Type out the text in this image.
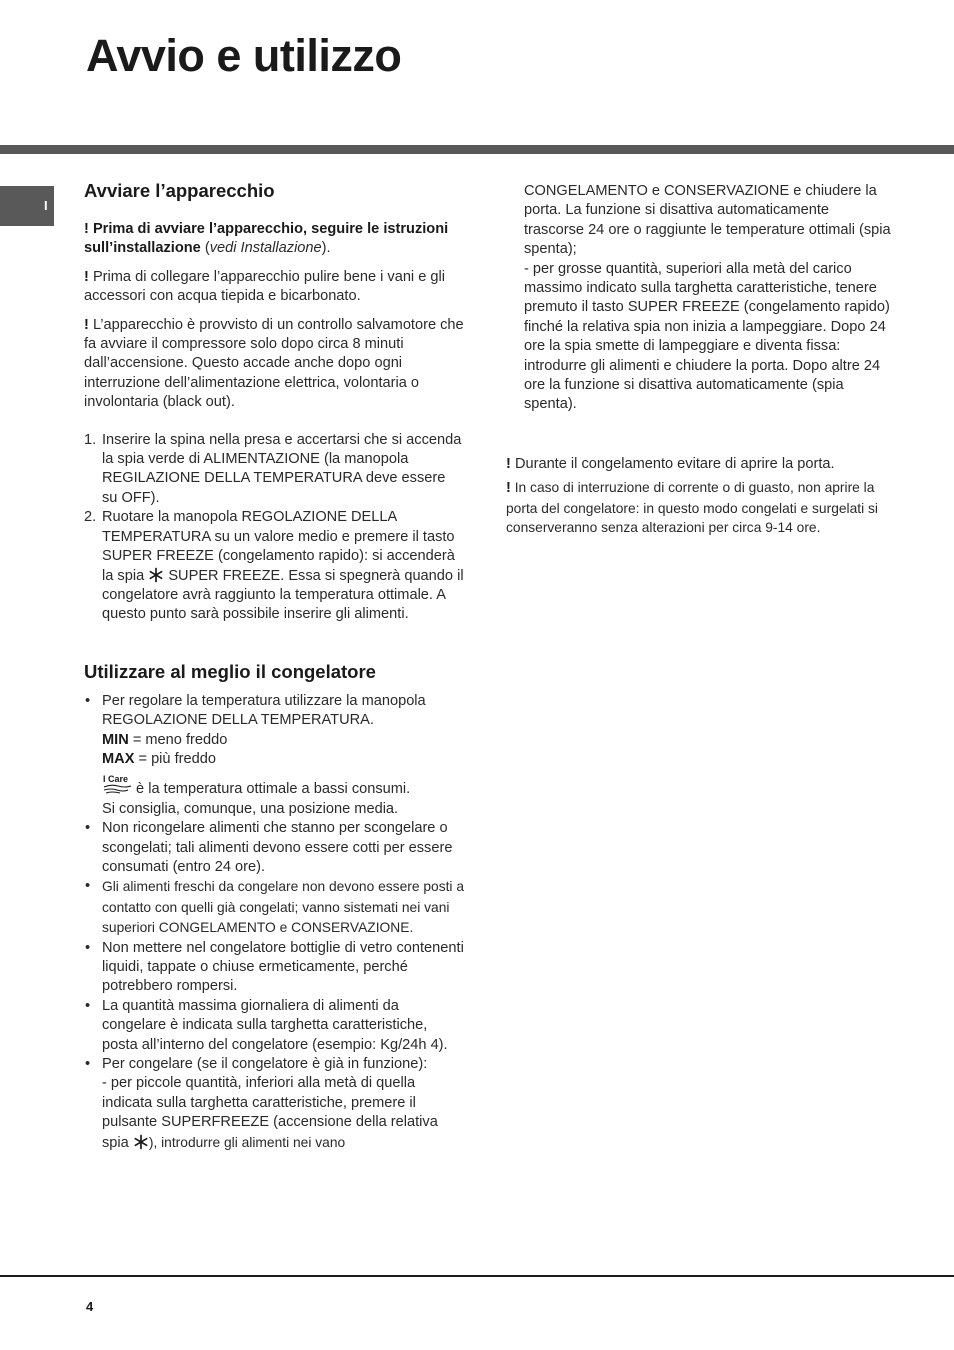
Avvio e utilizzo
I
Avviare l’apparecchio

! Prima di avviare l’apparecchio, seguire le istruzioni sull’installazione (vedi Installazione).

! Prima di collegare l’apparecchio pulire bene i vani e gli accessori con acqua tiepida e bicarbonato.

! L’apparecchio è provvisto di un controllo salvamotore che fa avviare il compressore solo dopo circa 8 minuti dall’accensione. Questo accade anche dopo ogni interruzione dell’alimentazione elettrica, volontaria o involontaria (black out).

1. Inserire la spina nella presa e accertarsi che si accenda la spia verde di ALIMENTAZIONE (la manopola REGILAZIONE DELLA TEMPERATURA deve essere su OFF).
2. Ruotare la manopola REGOLAZIONE DELLA TEMPERATURA su un valore medio e premere il tasto SUPER FREEZE (congelamento rapido): si accenderà la spia SUPER FREEZE. Essa si spegnerà quando il congelatore avrà raggiunto la temperatura ottimale. A questo punto sarà possibile inserire gli alimenti.
Utilizzare al meglio il congelatore
• Per regolare la temperatura utilizzare la manopola REGOLAZIONE DELLA TEMPERATURA.
MIN = meno freddo
MAX = più freddo
I Care
è la temperatura ottimale a bassi consumi.
Si consiglia, comunque, una posizione media.
• Non ricongelare alimenti che stanno per scongelare o scongelati; tali alimenti devono essere cotti per essere consumati (entro 24 ore).
• Gli alimenti freschi da congelare non devono essere posti a contatto con quelli già congelati; vanno sistemati nei vani superiori CONGELAMENTO e CONSERVAZIONE.
• Non mettere nel congelatore bottiglie di vetro contenenti liquidi, tappate o chiuse ermeticamente, perché potrebbero rompersi.
• La quantità massima giornaliera di alimenti da congelare è indicata sulla targhetta caratteristiche, posta all’interno del congelatore (esempio: Kg/24h 4).
• Per congelare (se il congelatore è già in funzione):
- per piccole quantità, inferiori alla metà di quella indicata sulla targhetta caratteristiche, premere il pulsante SUPERFREEZE (accensione della relativa spia ), introdurre gli alimenti nei vano
CONGELAMENTO e CONSERVAZIONE e chiudere la porta. La funzione si disattiva automaticamente trascorse 24 ore o raggiunte le temperature ottimali (spia spenta);
- per grosse quantità, superiori alla metà del carico massimo indicato sulla targhetta caratteristiche, tenere premuto il tasto SUPER FREEZE (congelamento rapido) finché la relativa spia non inizia a lampeggiare. Dopo 24 ore la spia smette di lampeggiare e diventa fissa: introdurre gli alimenti e chiudere la porta. Dopo altre 24 ore la funzione si disattiva automaticamente (spia spenta).

! Durante il congelamento evitare di aprire la porta.

! In caso di interruzione di corrente o di guasto, non aprire la porta del congelatore: in questo modo congelati e surgelati si conserveranno senza alterazioni per circa 9-14 ore.

4
